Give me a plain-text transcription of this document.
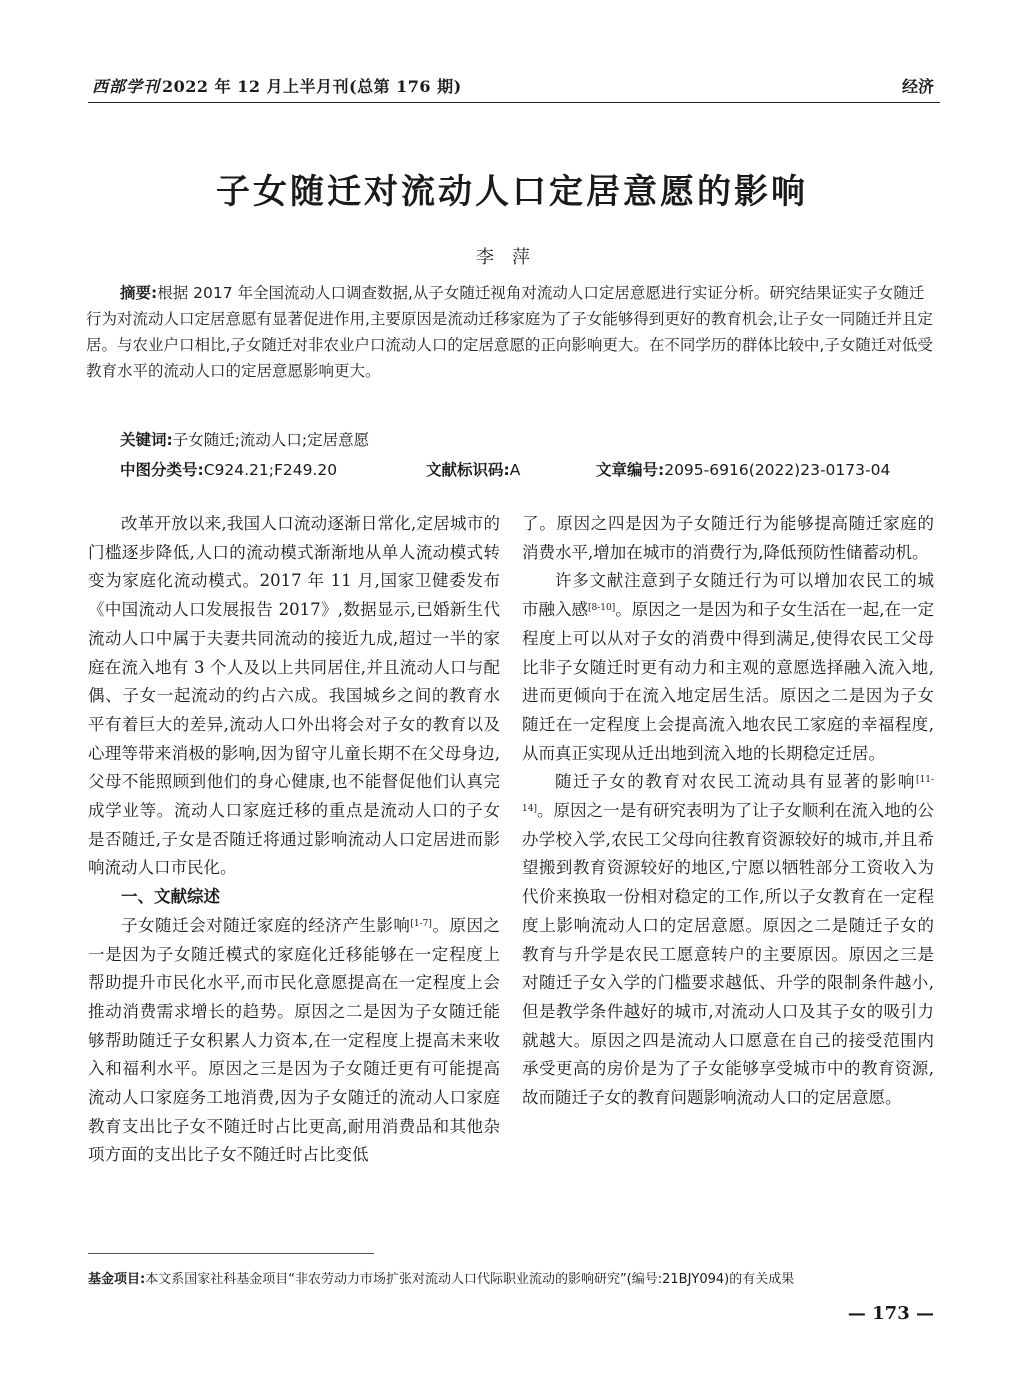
西部学刊 2022 年 12 月上半月刊(总第 176 期)	经济
子女随迁对流动人口定居意愿的影响
李萍
摘要:根据 2017 年全国流动人口调查数据,从子女随迁视角对流动人口定居意愿进行实证分析。研究结果证实子女随迁行为对流动人口定居意愿有显著促进作用,主要原因是流动迁移家庭为了子女能够得到更好的教育机会,让子女一同随迁并且定居。与农业户口相比,子女随迁对非农业户口流动人口的定居意愿的正向影响更大。在不同学历的群体比较中,子女随迁对低受教育水平的流动人口的定居意愿影响更大。
关键词:子女随迁;流动人口;定居意愿
中图分类号:C924.21;F249.20	文献标识码:A	文章编号:2095-6916(2022)23-0173-04

改革开放以来,我国人口流动逐渐日常化,定居城市的门槛逐步降低,人口的流动模式渐渐地从单人流动模式转变为家庭化流动模式。2017 年 11 月,国家卫健委发布《中国流动人口发展报告 2017》,数据显示,已婚新生代流动人口中属于夫妻共同流动的接近九成,超过一半的家庭在流入地有 3 个人及以上共同居住,并且流动人口与配偶、子女一起流动的约占六成。我国城乡之间的教育水平有着巨大的差异,流动人口外出将会对子女的教育以及心理等带来消极的影响,因为留守儿童长期不在父母身边,父母不能照顾到他们的身心健康,也不能督促他们认真完成学业等。流动人口家庭迁移的重点是流动人口的子女是否随迁,子女是否随迁将通过影响流动人口定居进而影响流动人口市民化。

一、文献综述

子女随迁会对随迁家庭的经济产生影响[1-7]。原因之一是因为子女随迁模式的家庭化迁移能够在一定程度上帮助提升市民化水平,而市民化意愿提高在一定程度上会推动消费需求增长的趋势。原因之二是因为子女随迁能够帮助随迁子女积累人力资本,在一定程度上提高未来收入和福利水平。原因之三是因为子女随迁更有可能提高流动人口家庭务工地消费,因为子女随迁的流动人口家庭教育支出比子女不随迁时占比更高,耐用消费品和其他杂项方面的支出比子女不随迁时占比变低

了。原因之四是因为子女随迁行为能够提高随迁家庭的消费水平,增加在城市的消费行为,降低预防性储蓄动机。

许多文献注意到子女随迁行为可以增加农民工的城市融入感[8-10]。原因之一是因为和子女生活在一起,在一定程度上可以从对子女的消费中得到满足,使得农民工父母比非子女随迁时更有动力和主观的意愿选择融入流入地,进而更倾向于在流入地定居生活。原因之二是因为子女随迁在一定程度上会提高流入地农民工家庭的幸福程度,从而真正实现从迁出地到流入地的长期稳定迁居。

随迁子女的教育对农民工流动具有显著的影响[11-14]。原因之一是有研究表明为了让子女顺利在流入地的公办学校入学,农民工父母向往教育资源较好的城市,并且希望搬到教育资源较好的地区,宁愿以牺牲部分工资收入为代价来换取一份相对稳定的工作,所以子女教育在一定程度上影响流动人口的定居意愿。原因之二是随迁子女的教育与升学是农民工愿意转户的主要原因。原因之三是对随迁子女入学的门槛要求越低、升学的限制条件越小,但是教学条件越好的城市,对流动人口及其子女的吸引力就越大。原因之四是流动人口愿意在自己的接受范围内承受更高的房价是为了子女能够享受城市中的教育资源,故而随迁子女的教育问题影响流动人口的定居意愿。

基金项目:本文系国家社科基金项目“非农劳动力市场扩张对流动人口代际职业流动的影响研究”(编号:21BJY094)的有关成果
— 173 —
